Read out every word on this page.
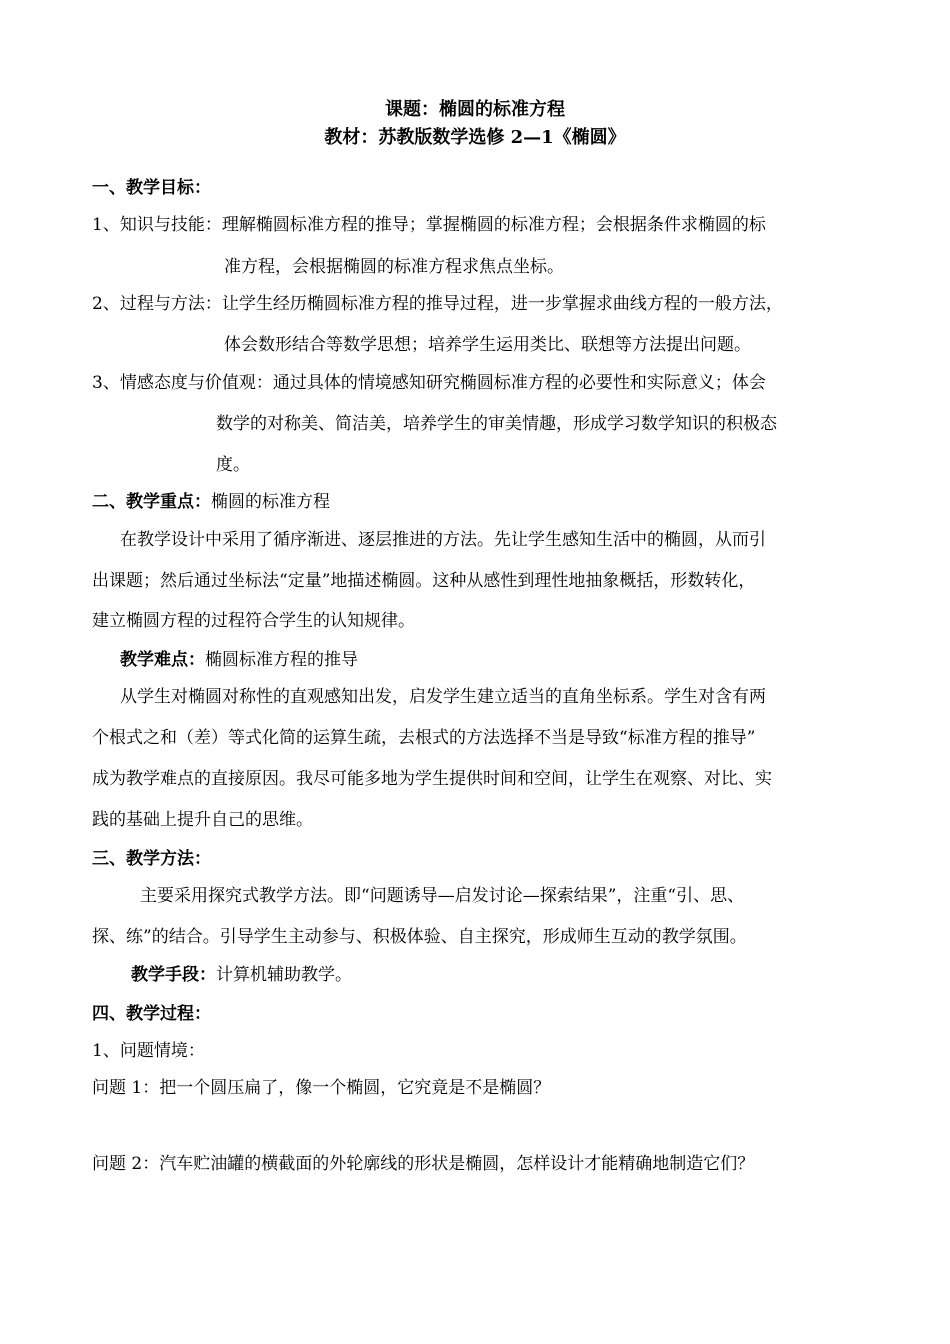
课题：椭圆的标准方程
教材：苏教版数学选修 2—1《椭圆》
一、教学目标：
1、知识与技能：理解椭圆标准方程的推导；掌握椭圆的标准方程；会根据条件求椭圆的标
准方程，会根据椭圆的标准方程求焦点坐标。
2、过程与方法：让学生经历椭圆标准方程的推导过程，进一步掌握求曲线方程的一般方法，
体会数形结合等数学思想；培养学生运用类比、联想等方法提出问题。
3、情感态度与价值观：通过具体的情境感知研究椭圆标准方程的必要性和实际意义；体会
数学的对称美、简洁美，培养学生的审美情趣，形成学习数学知识的积极态
度。
二、教学重点：椭圆的标准方程
在教学设计中采用了循序渐进、逐层推进的方法。先让学生感知生活中的椭圆，从而引
出课题；然后通过坐标法“定量”地描述椭圆。这种从感性到理性地抽象概括，形数转化，
建立椭圆方程的过程符合学生的认知规律。
教学难点：椭圆标准方程的推导
从学生对椭圆对称性的直观感知出发，启发学生建立适当的直角坐标系。学生对含有两
个根式之和（差）等式化简的运算生疏，去根式的方法选择不当是导致“标准方程的推导”
成为教学难点的直接原因。我尽可能多地为学生提供时间和空间，让学生在观察、对比、实
践的基础上提升自己的思维。
三、教学方法：
主要采用探究式教学方法。即“问题诱导—启发讨论—探索结果”，注重“引、思、
探、练”的结合。引导学生主动参与、积极体验、自主探究，形成师生互动的教学氛围。
教学手段：计算机辅助教学。
四、教学过程：
1、问题情境：
问题 1：把一个圆压扁了，像一个椭圆，它究竟是不是椭圆？
问题 2：汽车贮油罐的横截面的外轮廓线的形状是椭圆，怎样设计才能精确地制造它们？
